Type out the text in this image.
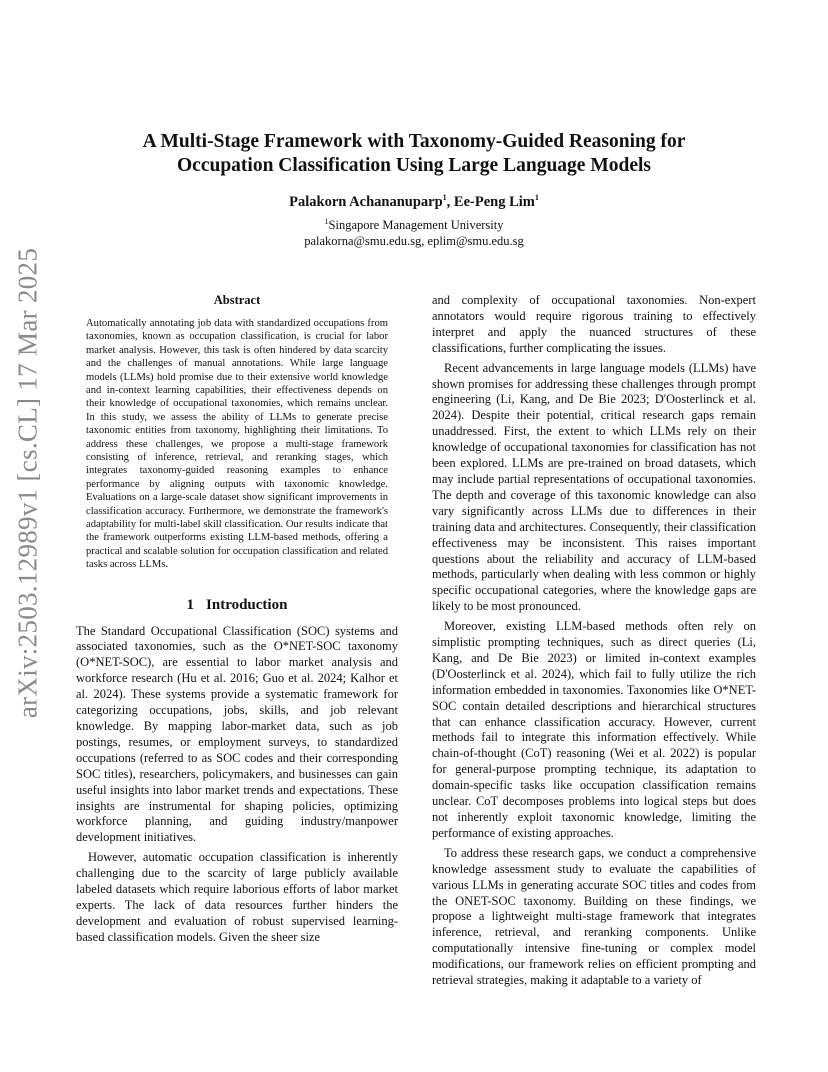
arXiv:2503.12989v1 [cs.CL] 17 Mar 2025
A Multi-Stage Framework with Taxonomy-Guided Reasoning for
Occupation Classification Using Large Language Models
Palakorn Achananuparp$^1$, Ee-Peng Lim$^1$
$^1$Singapore Management University
palakorna@smu.edu.sg, eplim@smu.edu.sg
Abstract
Automatically annotating job data with standardized occupations from taxonomies, known as occupation classification, is crucial for labor market analysis. However, this task is often hindered by data scarcity and the challenges of manual annotations. While large language models (LLMs) hold promise due to their extensive world knowledge and in-context learning capabilities, their effectiveness depends on their knowledge of occupational taxonomies, which remains unclear. In this study, we assess the ability of LLMs to generate precise taxonomic entities from taxonomy, highlighting their limitations. To address these challenges, we propose a multi-stage framework consisting of inference, retrieval, and reranking stages, which integrates taxonomy-guided reasoning examples to enhance performance by aligning outputs with taxonomic knowledge. Evaluations on a large-scale dataset show significant improvements in classification accuracy. Furthermore, we demonstrate the framework's adaptability for multi-label skill classification. Our results indicate that the framework outperforms existing LLM-based methods, offering a practical and scalable solution for occupation classification and related tasks across LLMs.
1 Introduction

The Standard Occupational Classification (SOC) systems and associated taxonomies, such as the O*NET-SOC taxonomy (O*NET-SOC), are essential to labor market analysis and workforce research (Hu et al. 2016; Guo et al. 2024; Kalhor et al. 2024). These systems provide a systematic framework for categorizing occupations, jobs, skills, and job relevant knowledge. By mapping labor-market data, such as job postings, resumes, or employment surveys, to standardized occupations (referred to as SOC codes and their corresponding SOC titles), researchers, policymakers, and businesses can gain useful insights into labor market trends and expectations. These insights are instrumental for shaping policies, optimizing workforce planning, and guiding industry/manpower development initiatives.

However, automatic occupation classification is inherently challenging due to the scarcity of large publicly available labeled datasets which require laborious efforts of labor market experts. The lack of data resources further hinders the development and evaluation of robust supervised learning-based classification models. Given the sheer size

and complexity of occupational taxonomies. Non-expert annotators would require rigorous training to effectively interpret and apply the nuanced structures of these classifications, further complicating the issues.

Recent advancements in large language models (LLMs) have shown promises for addressing these challenges through prompt engineering (Li, Kang, and De Bie 2023; D'Oosterlinck et al. 2024). Despite their potential, critical research gaps remain unaddressed. First, the extent to which LLMs rely on their knowledge of occupational taxonomies for classification has not been explored. LLMs are pre-trained on broad datasets, which may include partial representations of occupational taxonomies. The depth and coverage of this taxonomic knowledge can also vary significantly across LLMs due to differences in their training data and architectures. Consequently, their classification effectiveness may be inconsistent. This raises important questions about the reliability and accuracy of LLM-based methods, particularly when dealing with less common or highly specific occupational categories, where the knowledge gaps are likely to be most pronounced.

Moreover, existing LLM-based methods often rely on simplistic prompting techniques, such as direct queries (Li, Kang, and De Bie 2023) or limited in-context examples (D'Oosterlinck et al. 2024), which fail to fully utilize the rich information embedded in taxonomies. Taxonomies like O*NET-SOC contain detailed descriptions and hierarchical structures that can enhance classification accuracy. However, current methods fail to integrate this information effectively. While chain-of-thought (CoT) reasoning (Wei et al. 2022) is popular for general-purpose prompting technique, its adaptation to domain-specific tasks like occupation classification remains unclear. CoT decomposes problems into logical steps but does not inherently exploit taxonomic knowledge, limiting the performance of existing approaches.

To address these research gaps, we conduct a comprehensive knowledge assessment study to evaluate the capabilities of various LLMs in generating accurate SOC titles and codes from the ONET-SOC taxonomy. Building on these findings, we propose a lightweight multi-stage framework that integrates inference, retrieval, and reranking components. Unlike computationally intensive fine-tuning or complex model modifications, our framework relies on efficient prompting and retrieval strategies, making it adaptable to a variety of
